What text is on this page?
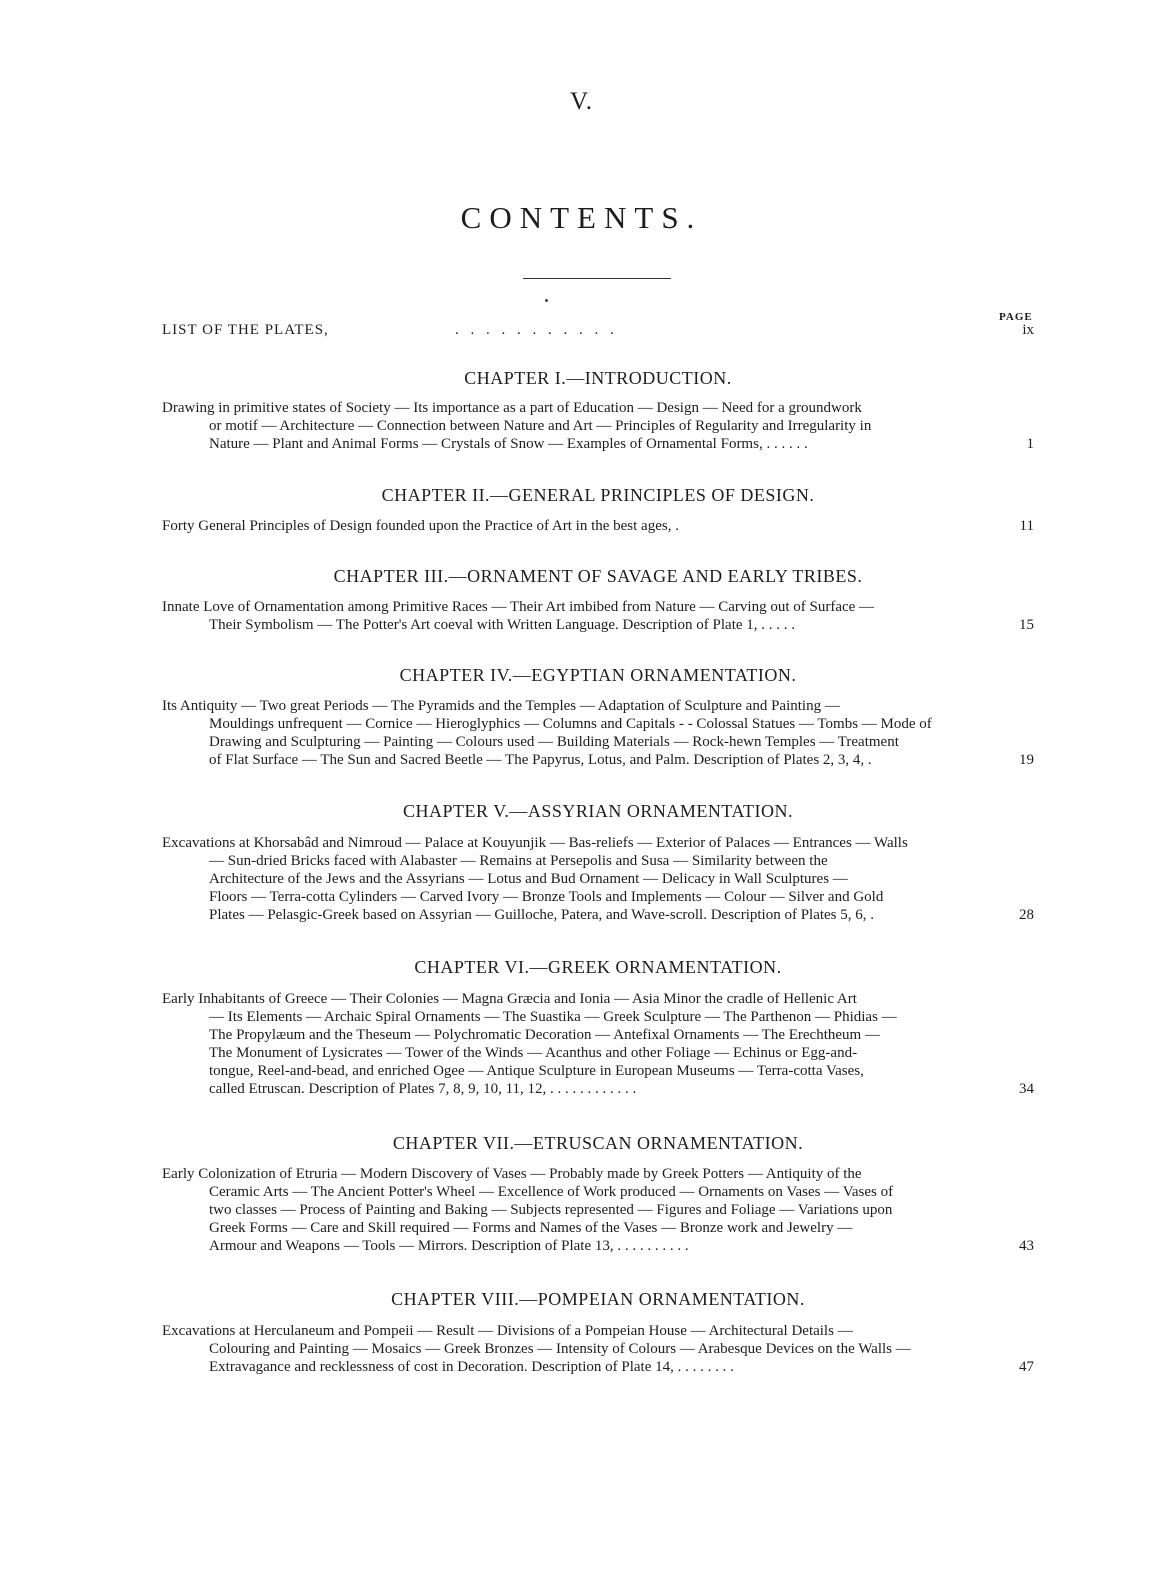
V.
CONTENTS.
PAGE
LIST OF THE PLATES,	. . . . . . . . . . .	ix
CHAPTER I.—INTRODUCTION.
Drawing in primitive states of Society — Its importance as a part of Education — Design — Need for a groundwork
or motif — Architecture — Connection between Nature and Art — Principles of Regularity and Irregularity in
Nature — Plant and Animal Forms — Crystals of Snow — Examples of Ornamental Forms, . . . . . .	1
CHAPTER II.—GENERAL PRINCIPLES OF DESIGN.
Forty General Principles of Design founded upon the Practice of Art in the best ages, .	11
CHAPTER III.—ORNAMENT OF SAVAGE AND EARLY TRIBES.
Innate Love of Ornamentation among Primitive Races — Their Art imbibed from Nature — Carving out of Surface —
Their Symbolism — The Potter's Art coeval with Written Language. Description of Plate 1, . . . . .	15
CHAPTER IV.—EGYPTIAN ORNAMENTATION.
Its Antiquity — Two great Periods — The Pyramids and the Temples — Adaptation of Sculpture and Painting —
Mouldings unfrequent — Cornice — Hieroglyphics — Columns and Capitals - - Colossal Statues — Tombs — Mode of
Drawing and Sculpturing — Painting — Colours used — Building Materials — Rock-hewn Temples — Treatment
of Flat Surface — The Sun and Sacred Beetle — The Papyrus, Lotus, and Palm. Description of Plates 2, 3, 4, .	19
CHAPTER V.—ASSYRIAN ORNAMENTATION.
Excavations at Khorsabâd and Nimroud — Palace at Kouyunjik — Bas-reliefs — Exterior of Palaces — Entrances — Walls
— Sun-dried Bricks faced with Alabaster — Remains at Persepolis and Susa — Similarity between the
Architecture of the Jews and the Assyrians — Lotus and Bud Ornament — Delicacy in Wall Sculptures —
Floors — Terra-cotta Cylinders — Carved Ivory — Bronze Tools and Implements — Colour — Silver and Gold
Plates — Pelasgic-Greek based on Assyrian — Guilloche, Patera, and Wave-scroll. Description of Plates 5, 6, .	28
CHAPTER VI.—GREEK ORNAMENTATION.
Early Inhabitants of Greece — Their Colonies — Magna Græcia and Ionia — Asia Minor the cradle of Hellenic Art
— Its Elements — Archaic Spiral Ornaments — The Suastika — Greek Sculpture — The Parthenon — Phidias —
The Propylæum and the Theseum — Polychromatic Decoration — Antefixal Ornaments — The Erechtheum —
The Monument of Lysicrates — Tower of the Winds — Acanthus and other Foliage — Echinus or Egg-and-
tongue, Reel-and-bead, and enriched Ogee — Antique Sculpture in European Museums — Terra-cotta Vases,
called Etruscan. Description of Plates 7, 8, 9, 10, 11, 12, . . . . . . . . . . . .	34
CHAPTER VII.—ETRUSCAN ORNAMENTATION.
Early Colonization of Etruria — Modern Discovery of Vases — Probably made by Greek Potters — Antiquity of the
Ceramic Arts — The Ancient Potter's Wheel — Excellence of Work produced — Ornaments on Vases — Vases of
two classes — Process of Painting and Baking — Subjects represented — Figures and Foliage — Variations upon
Greek Forms — Care and Skill required — Forms and Names of the Vases — Bronze work and Jewelry —
Armour and Weapons — Tools — Mirrors. Description of Plate 13, . . . . . . . . . .	43
CHAPTER VIII.—POMPEIAN ORNAMENTATION.
Excavations at Herculaneum and Pompeii — Result — Divisions of a Pompeian House — Architectural Details —
Colouring and Painting — Mosaics — Greek Bronzes — Intensity of Colours — Arabesque Devices on the Walls —
Extravagance and recklessness of cost in Decoration. Description of Plate 14, . . . . . . . .	47
